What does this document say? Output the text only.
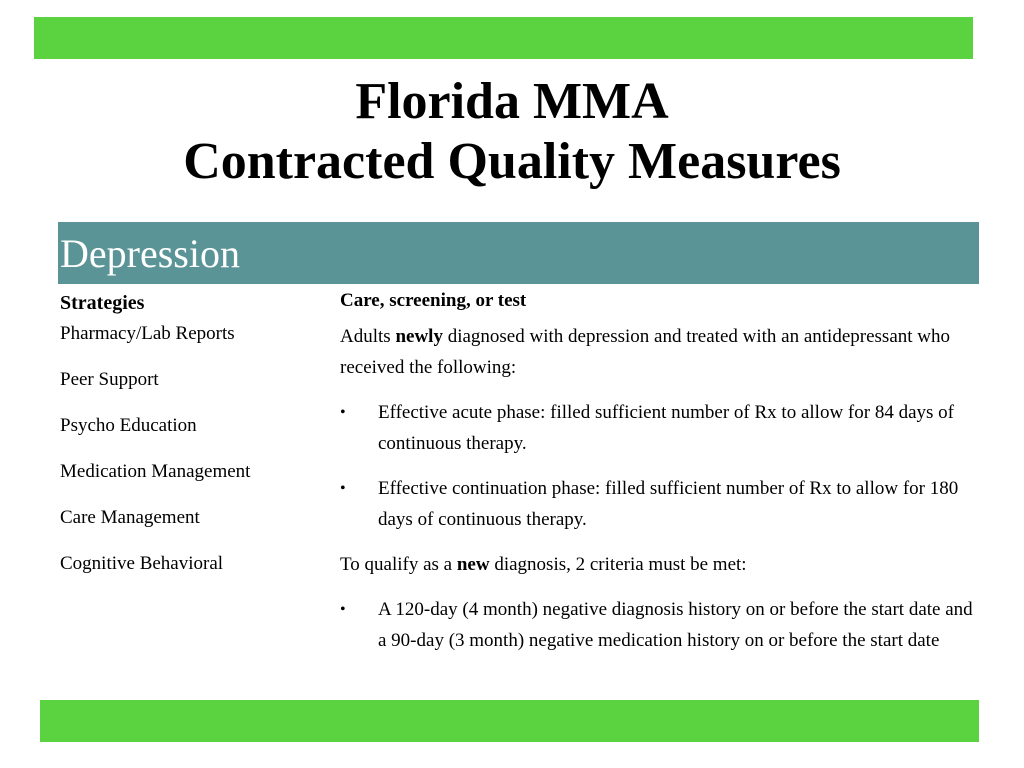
Florida MMA
Contracted Quality Measures

Depression

Strategies

Pharmacy/Lab Reports
Peer Support
Psycho Education
Medication Management
Care Management
Cognitive Behavioral

Care, screening, or test

Adults newly diagnosed with depression and treated with an antidepressant who received the following:

• Effective acute phase: filled sufficient number of Rx to allow for 84 days of continuous therapy.
• Effective continuation phase: filled sufficient number of Rx to allow for 180 days of continuous therapy.

To qualify as a new diagnosis, 2 criteria must be met:

• A 120-day (4 month) negative diagnosis history on or before the start date and a 90-day (3 month) negative medication history on or before the start date
